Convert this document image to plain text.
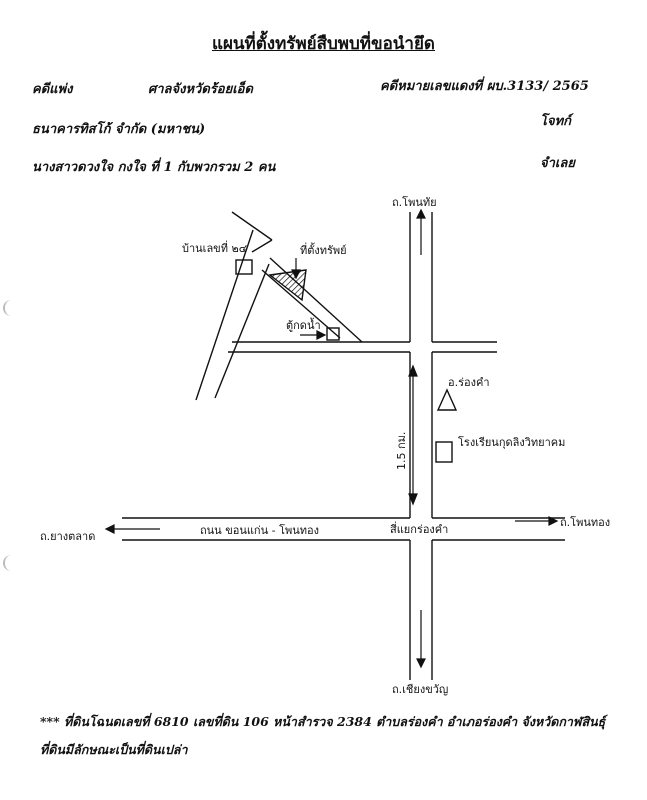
แผนที่ตั้งทรัพย์สืบพบที่ขอนำยึด
คดีแพ่ง	ศาลจังหวัดร้อยเอ็ด	คดีหมายเลขแดงที่ ผบ.3133/ 2565
ธนาคารทิสโก้ จำกัด (มหาชน)
โจทก์
นางสาวดวงใจ กงใจ ที่ 1 กับพวกรวม 2 คน	จำเลย
ถ.โพนทัย
ถ.เชียงขวัญ
ถ.ยางตลาด
ถ.โพนทอง
บ้านเลขที่ ๒๔	ที่ตั้งทรัพย์
ตู้กดน้ำ
อ.ร่องคำ
โรงเรียนกุดลิงวิทยาคม
ถนน ขอนแก่น - โพนทอง	สี่แยกร่องคำ
1.5 กม.
*** ที่ดินโฉนดเลขที่ 6810 เลขที่ดิน 106 หน้าสำรวจ 2384 ตำบลร่องคำ อำเภอร่องคำ จังหวัดกาฬสินธุ์
ที่ดินมีลักษณะเป็นที่ดินเปล่า
